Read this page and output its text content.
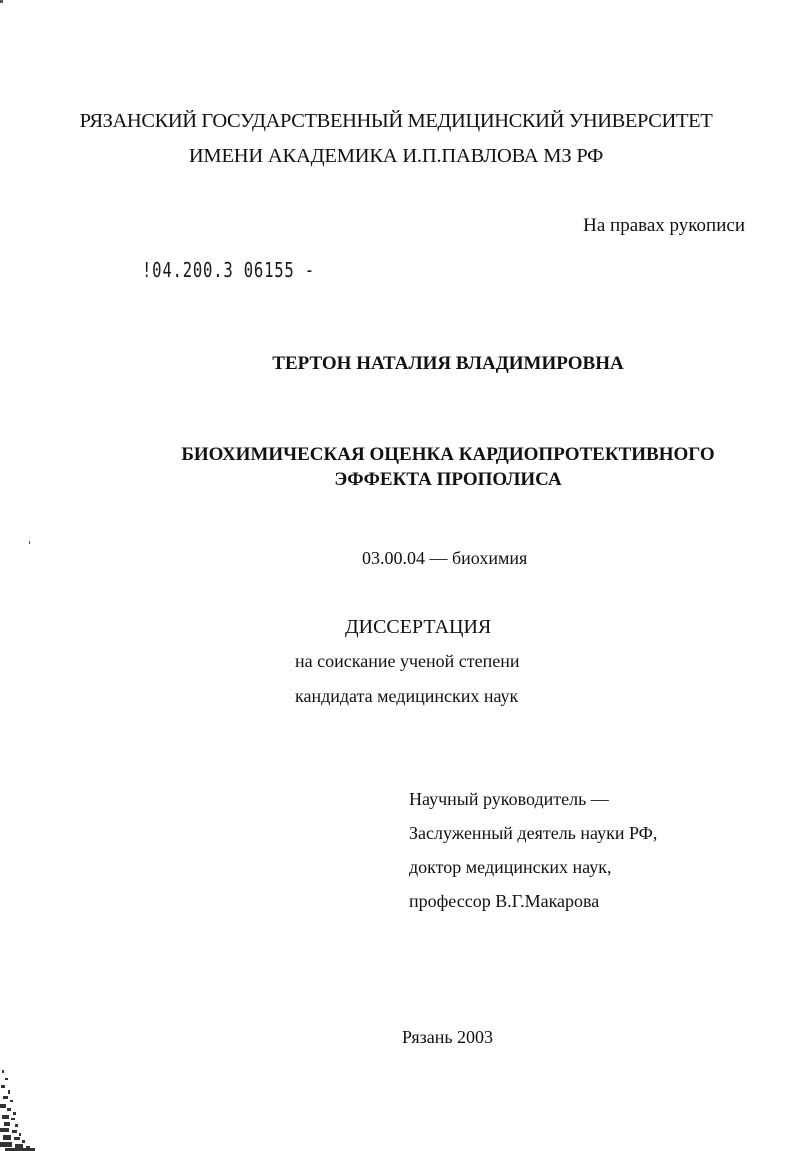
РЯЗАНСКИЙ ГОСУДАРСТВЕННЫЙ МЕДИЦИНСКИЙ УНИВЕРСИТЕТ
ИМЕНИ АКАДЕМИКА И.П.ПАВЛОВА МЗ РФ
На правах рукописи
!04.200.3 06155 -
ТЕРТОН НАТАЛИЯ ВЛАДИМИРОВНА
БИОХИМИЧЕСКАЯ ОЦЕНКА КАРДИОПРОТЕКТИВНОГО
ЭФФЕКТА ПРОПОЛИСА
03.00.04 — биохимия
ДИССЕРТАЦИЯ
на соискание ученой степени
кандидата медицинских наук
Научный руководитель —
Заслуженный деятель науки РФ,
доктор медицинских наук,
профессор В.Г.Макарова
Рязань 2003
